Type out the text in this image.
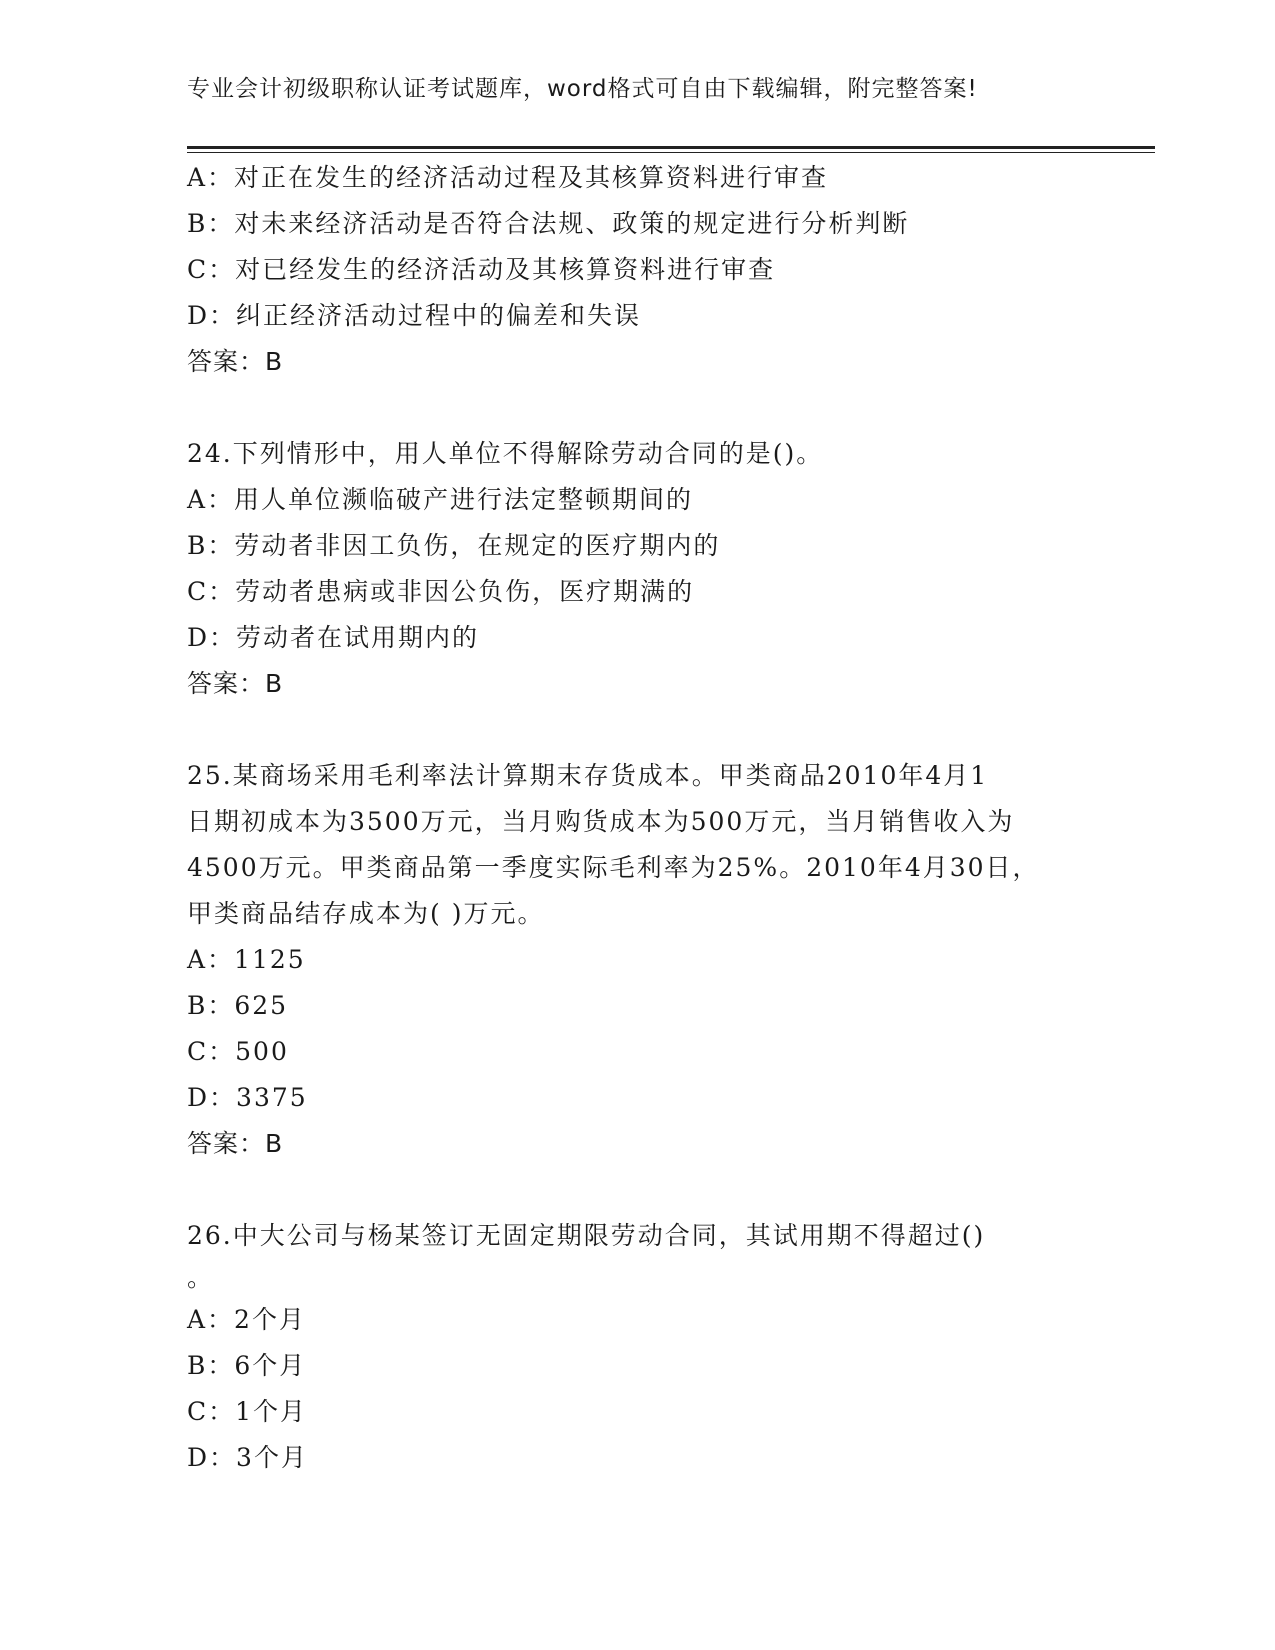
专业会计初级职称认证考试题库，word格式可自由下载编辑，附完整答案!
A：对正在发生的经济活动过程及其核算资料进行审查
B：对未来经济活动是否符合法规、政策的规定进行分析判断
C：对已经发生的经济活动及其核算资料进行审查
D：纠正经济活动过程中的偏差和失误
答案：B
24.下列情形中，用人单位不得解除劳动合同的是()。
A：用人单位濒临破产进行法定整顿期间的
B：劳动者非因工负伤，在规定的医疗期内的
C：劳动者患病或非因公负伤，医疗期满的
D：劳动者在试用期内的
答案：B
25.某商场采用毛利率法计算期末存货成本。甲类商品2010年4月1
日期初成本为3500万元，当月购货成本为500万元，当月销售收入为
4500万元。甲类商品第一季度实际毛利率为25%。2010年4月30日，
甲类商品结存成本为( )万元。
A：1125
B：625
C：500
D：3375
答案：B
26.中大公司与杨某签订无固定期限劳动合同，其试用期不得超过()
。
A：2个月
B：6个月
C：1个月
D：3个月
